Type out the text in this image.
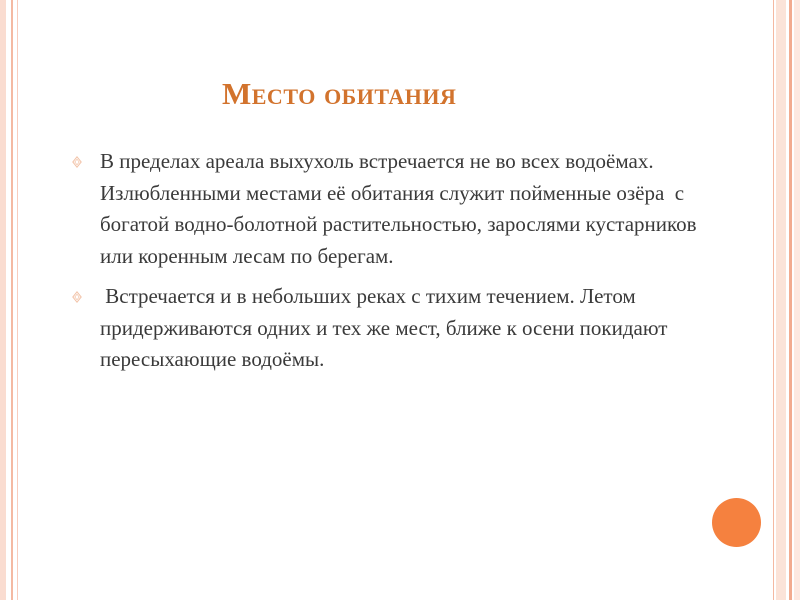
Место обитания

В пределах ареала выхухоль встречается не во всех водоёмах. Излюбленными местами её обитания служит пойменные озёра  с богатой водно-болотной растительностью, зарослями кустарников или коренным лесам по берегам.

Встречается и в небольших реках с тихим течением. Летом придерживаются одних и тех же мест, ближе к осени покидают пересыхающие водоёмы.
